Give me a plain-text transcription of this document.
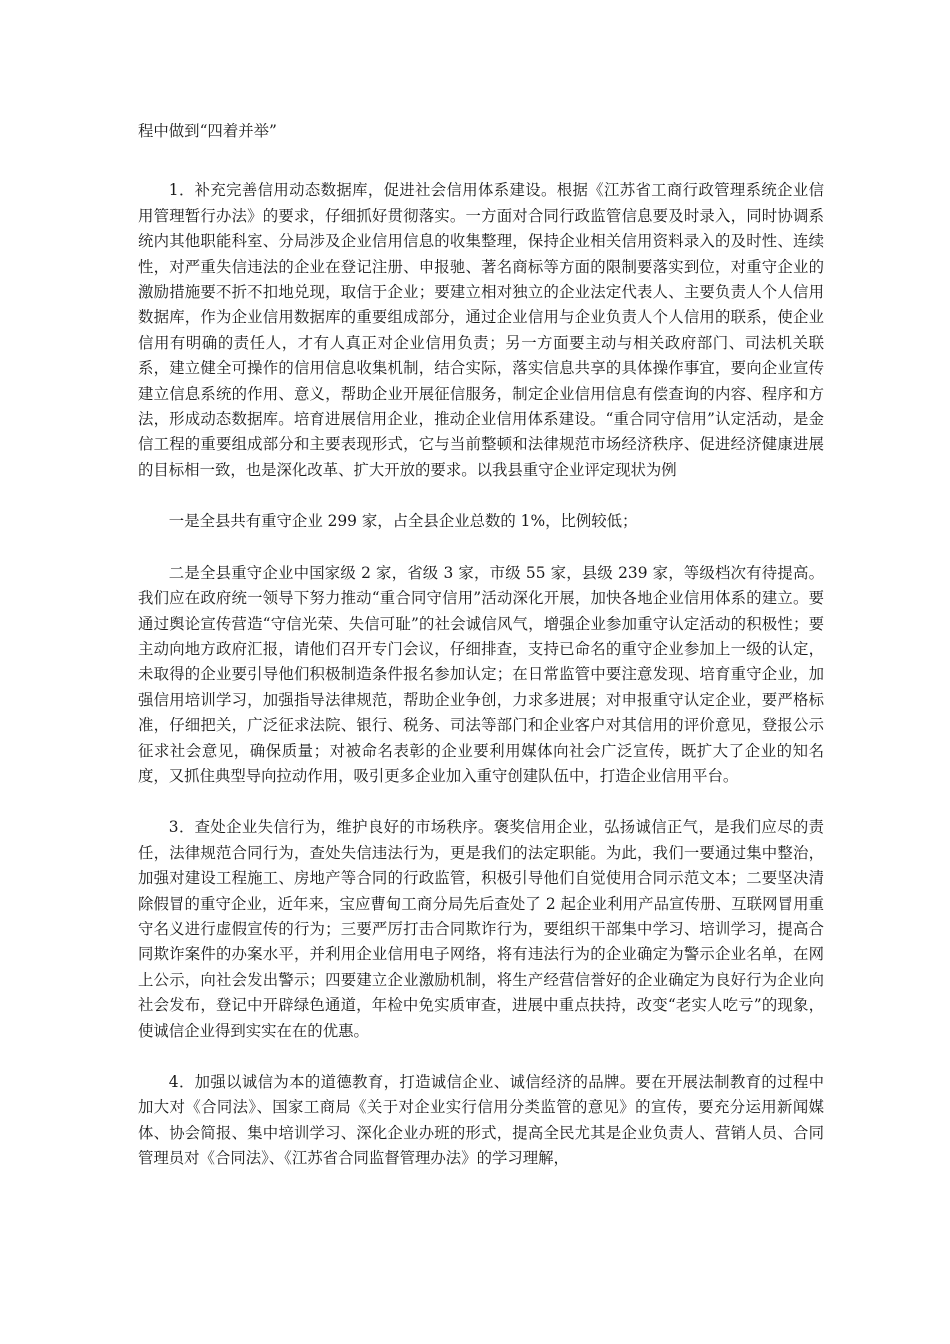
程中做到“四着并举”

1．补充完善信用动态数据库，促进社会信用体系建设。根据《江苏省工商行政管理系统企业信用管理暂行办法》的要求，仔细抓好贯彻落实。一方面对合同行政监管信息要及时录入，同时协调系统内其他职能科室、分局涉及企业信用信息的收集整理，保持企业相关信用资料录入的及时性、连续性，对严重失信违法的企业在登记注册、申报驰、著名商标等方面的限制要落实到位，对重守企业的激励措施要不折不扣地兑现，取信于企业；要建立相对独立的企业法定代表人、主要负责人个人信用数据库，作为企业信用数据库的重要组成部分，通过企业信用与企业负责人个人信用的联系，使企业信用有明确的责任人，才有人真正对企业信用负责；另一方面要主动与相关政府部门、司法机关联系，建立健全可操作的信用信息收集机制，结合实际，落实信息共享的具体操作事宜，要向企业宣传建立信息系统的作用、意义，帮助企业开展征信服务，制定企业信用信息有偿查询的内容、程序和方法，形成动态数据库。培育进展信用企业，推动企业信用体系建设。“重合同守信用”认定活动，是金信工程的重要组成部分和主要表现形式，它与当前整顿和法律规范市场经济秩序、促进经济健康进展的目标相一致，也是深化改革、扩大开放的要求。以我县重守企业评定现状为例

一是全县共有重守企业 299 家，占全县企业总数的 1%，比例较低；

二是全县重守企业中国家级 2 家，省级 3 家，市级 55 家，县级 239 家，等级档次有待提高。我们应在政府统一领导下努力推动“重合同守信用”活动深化开展，加快各地企业信用体系的建立。要通过舆论宣传营造“守信光荣、失信可耻”的社会诚信风气，增强企业参加重守认定活动的积极性；要主动向地方政府汇报，请他们召开专门会议，仔细排查，支持已命名的重守企业参加上一级的认定，未取得的企业要引导他们积极制造条件报名参加认定；在日常监管中要注意发现、培育重守企业，加强信用培训学习，加强指导法律规范，帮助企业争创，力求多进展；对申报重守认定企业，要严格标准，仔细把关，广泛征求法院、银行、税务、司法等部门和企业客户对其信用的评价意见，登报公示征求社会意见，确保质量；对被命名表彰的企业要利用媒体向社会广泛宣传，既扩大了企业的知名度，又抓住典型导向拉动作用，吸引更多企业加入重守创建队伍中，打造企业信用平台。

3．查处企业失信行为，维护良好的市场秩序。褒奖信用企业，弘扬诚信正气，是我们应尽的责任，法律规范合同行为，查处失信违法行为，更是我们的法定职能。为此，我们一要通过集中整治，加强对建设工程施工、房地产等合同的行政监管，积极引导他们自觉使用合同示范文本；二要坚决清除假冒的重守企业，近年来，宝应曹甸工商分局先后查处了 2 起企业利用产品宣传册、互联网冒用重守名义进行虚假宣传的行为；三要严厉打击合同欺诈行为，要组织干部集中学习、培训学习，提高合同欺诈案件的办案水平，并利用企业信用电子网络，将有违法行为的企业确定为警示企业名单，在网上公示，向社会发出警示；四要建立企业激励机制，将生产经营信誉好的企业确定为良好行为企业向社会发布，登记中开辟绿色通道，年检中免实质审查，进展中重点扶持，改变“老实人吃亏”的现象，使诚信企业得到实实在在的优惠。

4．加强以诚信为本的道德教育，打造诚信企业、诚信经济的品牌。要在开展法制教育的过程中加大对《合同法》、国家工商局《关于对企业实行信用分类监管的意见》的宣传，要充分运用新闻媒体、协会简报、集中培训学习、深化企业办班的形式，提高全民尤其是企业负责人、营销人员、合同管理员对《合同法》、《江苏省合同监督管理办法》的学习理解，
